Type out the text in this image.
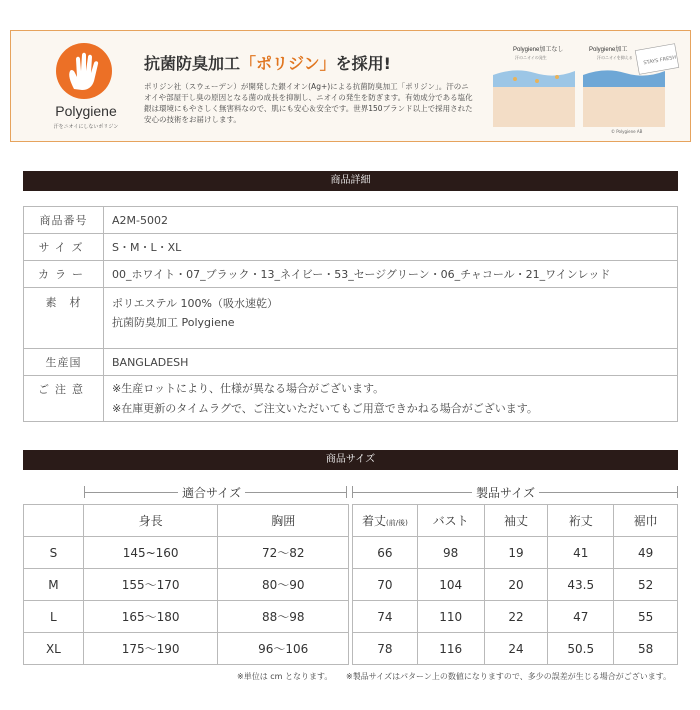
Polygiene
汗をニオイにしないポリジン
抗菌防臭加工「ポリジン」を採用!
ポリジン社（スウェーデン）が開発した銀イオン(Ag+)による抗菌防臭加工「ポリジン」。汗のニオイや部屋干し臭の原因となる菌の成長を抑制し、ニオイの発生を防ぎます。有効成分である塩化銀は環境にもやさしく無害料なので、肌にも安心＆安全です。世界150ブランド以上で採用された安心の技術をお届けします。
Polygiene加工なし	Polygiene加工
汗のニオイの発生	汗のニオイを抑える STAYS FRESH
© Polygiene AB
商品詳細
商品番号	A2M-5002
サイズ	S・M・L・XL
カラー	00_ホワイト・07_ブラック・13_ネイビー・53_セージグリーン・06_チャコール・21_ワインレッド
素　材	ポリエステル 100%（吸水速乾）
抗菌防臭加工 Polygiene

生産国	BANGLADESH
ご注意	※生産ロットにより、仕様が異なる場合がございます。
※在庫更新のタイムラグで、ご注文いただいてもご用意できかねる場合がございます。
商品サイズ
適合サイズ	製品サイズ
	身長	胸囲
S	145~160	72～82
M	155～170	80～90
L	165～180	88～98
XL	175～190	96～106
着丈(前/後)	バスト	袖丈	裄丈	裾巾
66	98	19	41	49
70	104	20	43.5	52
74	110	22	47	55
78	116	24	50.5	58
※単位は cm となります。 ※製品サイズはパターン上の数値になりますので、多少の誤差が生じる場合がございます。
